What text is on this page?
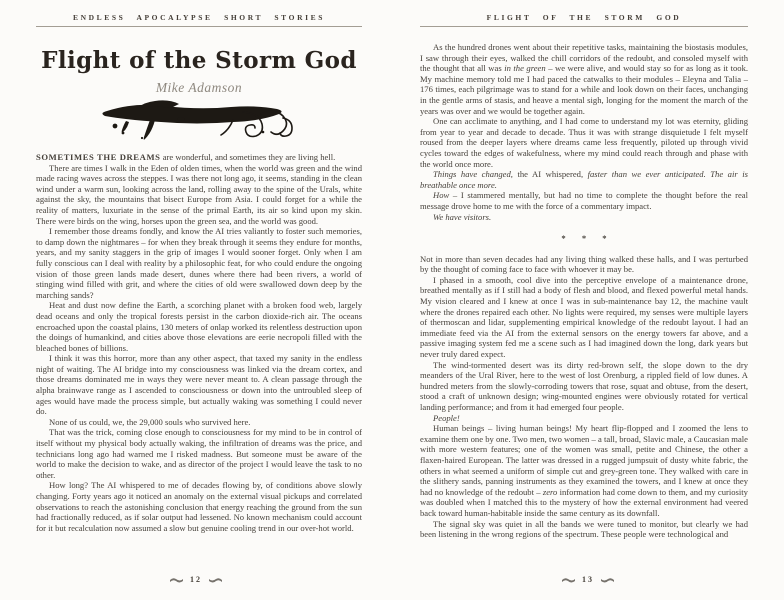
ENDLESS APOCALYPSE SHORT STORIES
Flight of the Storm God
Mike Adamson

SOMETIMES THE DREAMS are wonderful, and sometimes they are living hell.

There are times I walk in the Eden of olden times, when the world was green and the wind made racing waves across the steppes. I was there not long ago, it seems, standing in the clean wind under a warm sun, looking across the land, rolling away to the spine of the Urals, white against the sky, the mountains that bisect Europe from Asia. I could forget for a while the reality of matters, luxuriate in the sense of the primal Earth, its air so kind upon my skin. There were birds on the wing, horses upon the green sea, and the world was good.

I remember those dreams fondly, and know the AI tries valiantly to foster such memories, to damp down the nightmares – for when they break through it seems they endure for months, years, and my sanity staggers in the grip of images I would sooner forget. Only when I am fully conscious can I deal with reality by a philosophic feat, for who could endure the ongoing vision of those green lands made desert, dunes where there had been rivers, a world of stinging wind filled with grit, and where the cities of old were swallowed down deep by the marching sands?

Heat and dust now define the Earth, a scorching planet with a broken food web, largely dead oceans and only the tropical forests persist in the carbon dioxide-rich air. The oceans encroached upon the coastal plains, 130 meters of onlap worked its relentless destruction upon the doings of humankind, and cities above those elevations are eerie necropoli filled with the bleached bones of billions.

I think it was this horror, more than any other aspect, that taxed my sanity in the endless night of waiting. The AI bridge into my consciousness was linked via the dream cortex, and those dreams dominated me in ways they were never meant to. A clean passage through the alpha brainwave range as I ascended to consciousness or down into the untroubled sleep of ages would have made the process simple, but actually waking was something I could never do.

None of us could, we, the 29,000 souls who survived here.

That was the trick, coming close enough to consciousness for my mind to be in control of itself without my physical body actually waking, the infiltration of dreams was the price, and technicians long ago had warned me I risked madness. But someone must be aware of the world to make the decision to wake, and as director of the project I would leave the task to no other.

How long? The AI whispered to me of decades flowing by, of conditions above slowly changing. Forty years ago it noticed an anomaly on the external visual pickups and correlated observations to reach the astonishing conclusion that energy reaching the ground from the sun had fractionally reduced, as if solar output had lessened. No known mechanism could account for it but recalculation now assumed a slow but genuine cooling trend in our over-hot world.

12
FLIGHT OF THE STORM GOD

As the hundred drones went about their repetitive tasks, maintaining the biostasis modules, I saw through their eyes, walked the chill corridors of the redoubt, and consoled myself with the thought that all was in the green – we were alive, and would stay so for as long as it took. My machine memory told me I had paced the catwalks to their modules – Eleyna and Talia – 176 times, each pilgrimage was to stand for a while and look down on their faces, unchanging in the gentle arms of stasis, and heave a mental sigh, longing for the moment the march of the years was over and we would be together again.

One can acclimate to anything, and I had come to understand my lot was eternity, gliding from year to year and decade to decade. Thus it was with strange disquietude I felt myself roused from the deeper layers where dreams came less frequently, piloted up through vivid cycles toward the edges of wakefulness, where my mind could reach through and phase with the world once more.

Things have changed, the AI whispered, faster than we ever anticipated. The air is breathable once more.

How – I stammered mentally, but had no time to complete the thought before the real message drove home to me with the force of a commentary impact.

We have visitors.

* * *

Not in more than seven decades had any living thing walked these halls, and I was perturbed by the thought of coming face to face with whoever it may be.

I phased in a smooth, cool dive into the perceptive envelope of a maintenance drone, breathed mentally as if I still had a body of flesh and blood, and flexed powerful metal hands. My vision cleared and I knew at once I was in sub-maintenance bay 12, the machine vault where the drones repaired each other. No lights were required, my senses were multiple layers of thermoscan and lidar, supplementing empirical knowledge of the redoubt layout. I had an immediate feed via the AI from the external sensors on the energy towers far above, and a passive imaging system fed me a scene such as I had imagined down the long, dark years but never truly dared expect.

The wind-tormented desert was its dirty red-brown self, the slope down to the dry meanders of the Ural River, here to the west of lost Orenburg, a rippled field of low dunes. A hundred meters from the slowly-corroding towers that rose, squat and obtuse, from the desert, stood a craft of unknown design; wing-mounted engines were obviously rotated for vertical landing performance; and from it had emerged four people.

People!

Human beings – living human beings! My heart flip-flopped and I zoomed the lens to examine them one by one. Two men, two women – a tall, broad, Slavic male, a Caucasian male with more western features; one of the women was small, petite and Chinese, the other a flaxen-haired European. The latter was dressed in a rugged jumpsuit of dusty white fabric, the others in what seemed a uniform of simple cut and grey-green tone. They walked with care in the slithery sands, panning instruments as they examined the towers, and I knew at once they had no knowledge of the redoubt – zero information had come down to them, and my curiosity was doubled when I matched this to the mystery of how the external environment had veered back toward human-habitable inside the same century as its downfall.

The signal sky was quiet in all the bands we were tuned to monitor, but clearly we had been listening in the wrong regions of the spectrum. These people were technological and

13
